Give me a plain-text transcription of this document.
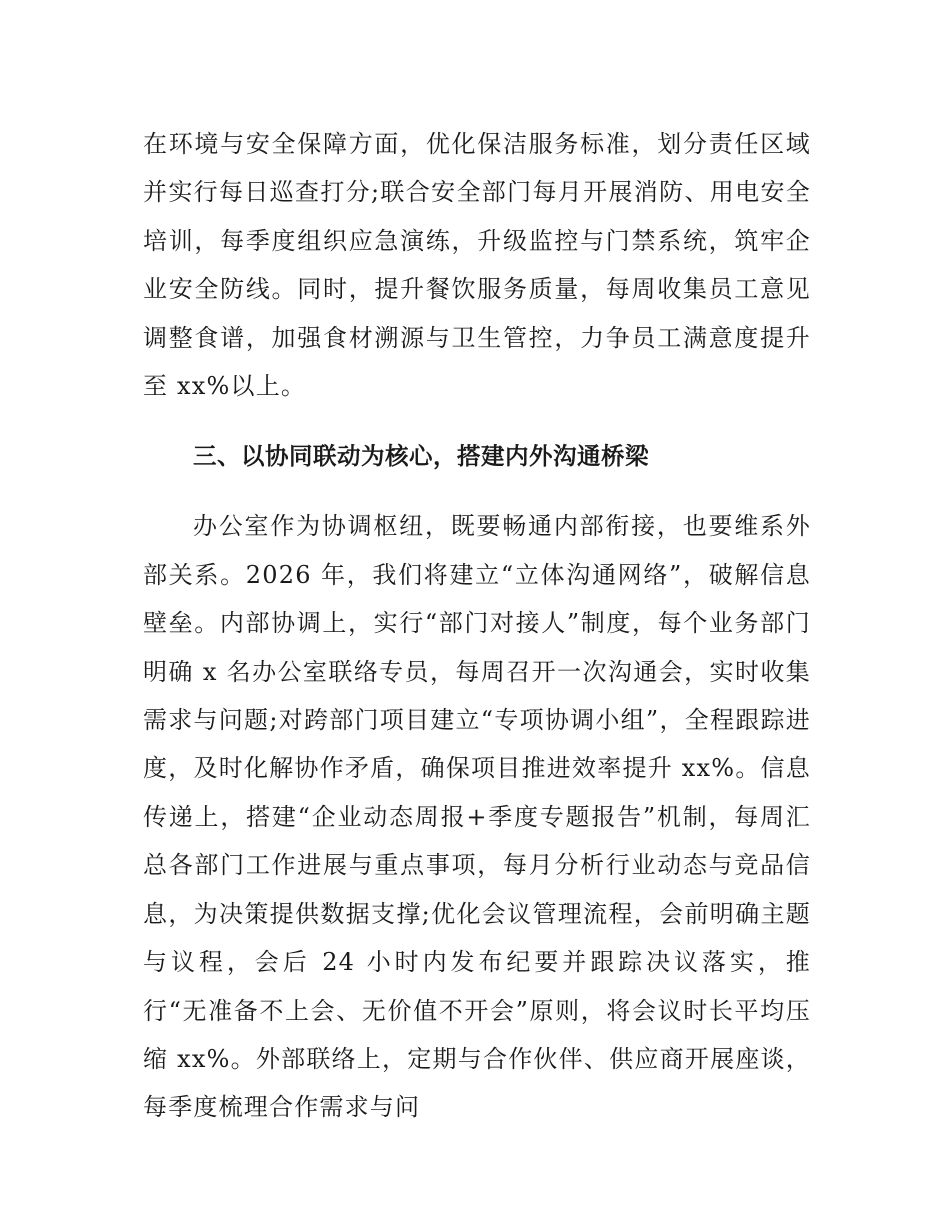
在环境与安全保障方面，优化保洁服务标准，划分责任区域并实行每日巡查打分;联合安全部门每月开展消防、用电安全培训，每季度组织应急演练，升级监控与门禁系统，筑牢企业安全防线。同时，提升餐饮服务质量，每周收集员工意见调整食谱，加强食材溯源与卫生管控，力争员工满意度提升至 xx%以上。

三、以协同联动为核心，搭建内外沟通桥梁

办公室作为协调枢纽，既要畅通内部衔接，也要维系外部关系。2026 年，我们将建立“立体沟通网络”，破解信息壁垒。内部协调上，实行“部门对接人”制度，每个业务部门明确 x 名办公室联络专员，每周召开一次沟通会，实时收集需求与问题;对跨部门项目建立“专项协调小组”，全程跟踪进度，及时化解协作矛盾，确保项目推进效率提升 xx%。信息传递上，搭建“企业动态周报+季度专题报告”机制，每周汇总各部门工作进展与重点事项，每月分析行业动态与竞品信息，为决策提供数据支撑;优化会议管理流程，会前明确主题与议程，会后 24 小时内发布纪要并跟踪决议落实，推行“无准备不上会、无价值不开会”原则，将会议时长平均压缩 xx%。外部联络上，定期与合作伙伴、供应商开展座谈，每季度梳理合作需求与问
